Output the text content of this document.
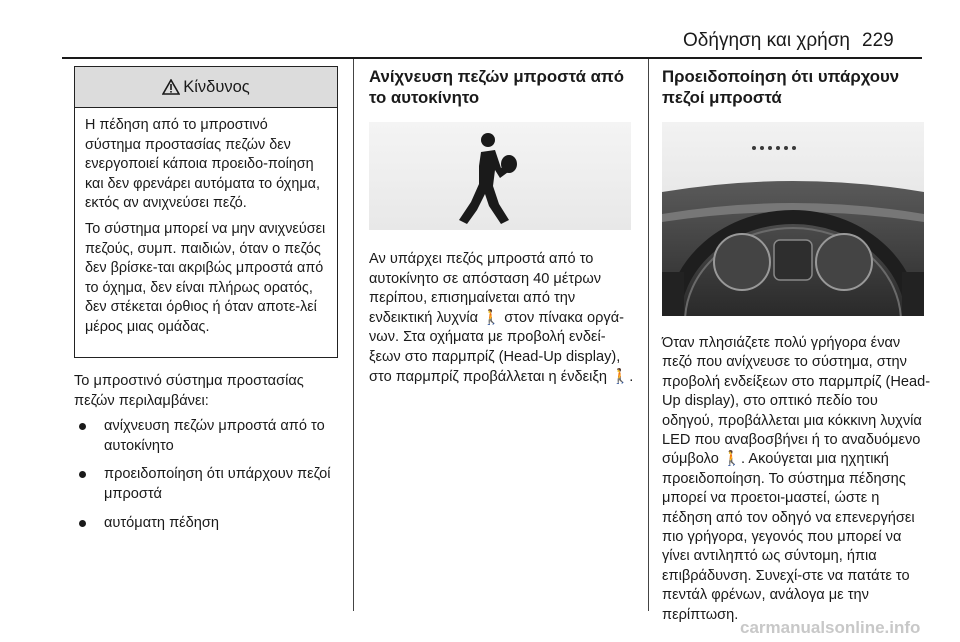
Οδήγηση και χρήση 229
Κίνδυνος

Η πέδηση από το μπροστινό σύστημα προστασίας πεζών δεν ενεργοποιεί κάποια προειδο-ποίηση και δεν φρενάρει αυτόματα το όχημα, εκτός αν ανιχνεύσει πεζό.

Το σύστημα μπορεί να μην ανιχνεύσει πεζούς, συμπ. παιδιών, όταν ο πεζός δεν βρίσκε-ται ακριβώς μπροστά από το όχημα, δεν είναι πλήρως ορατός, δεν στέκεται όρθιος ή όταν αποτε-λεί μέρος μιας ομάδας.

Το μπροστινό σύστημα προστασίας πεζών περιλαμβάνει:

ανίχνευση πεζών μπροστά από το αυτοκίνητο
προειδοποίηση ότι υπάρχουν πεζοί μπροστά
αυτόματη πέδηση
Ανίχνευση πεζών μπροστά από το αυτοκίνητο

Αν υπάρχει πεζός μπροστά από το αυτοκίνητο σε απόσταση 40 μέτρων περίπου, επισημαίνεται από την ενδεικτική λυχνία 🚶 στον πίνακα οργά-νων. Στα οχήματα με προβολή ενδεί-ξεων στο παρμπρίζ (Head-Up display), στο παρμπρίζ προβάλλεται η ένδειξη 🚶.

Προειδοποίηση ότι υπάρχουν πεζοί μπροστά

Όταν πλησιάζετε πολύ γρήγορα έναν πεζό που ανίχνευσε το σύστημα, στην προβολή ενδείξεων στο παρμπρίζ (Head-Up display), στο οπτικό πεδίο του οδηγού, προβάλλεται μια κόκκινη λυχνία LED που αναβοσβήνει ή το αναδυόμενο σύμβολο 🚶. Ακούγεται μια ηχητική προειδοποίηση. Το σύστημα πέδησης μπορεί να προετοι-μαστεί, ώστε η πέδηση από τον οδηγό να επενεργήσει πιο γρήγορα, γεγονός που μπορεί να γίνει αντιληπτό ως σύντομη, ήπια επιβράδυνση. Συνεχί-στε να πατάτε το πεντάλ φρένων, ανάλογα με την περίπτωση.

carmanualsonline.info
